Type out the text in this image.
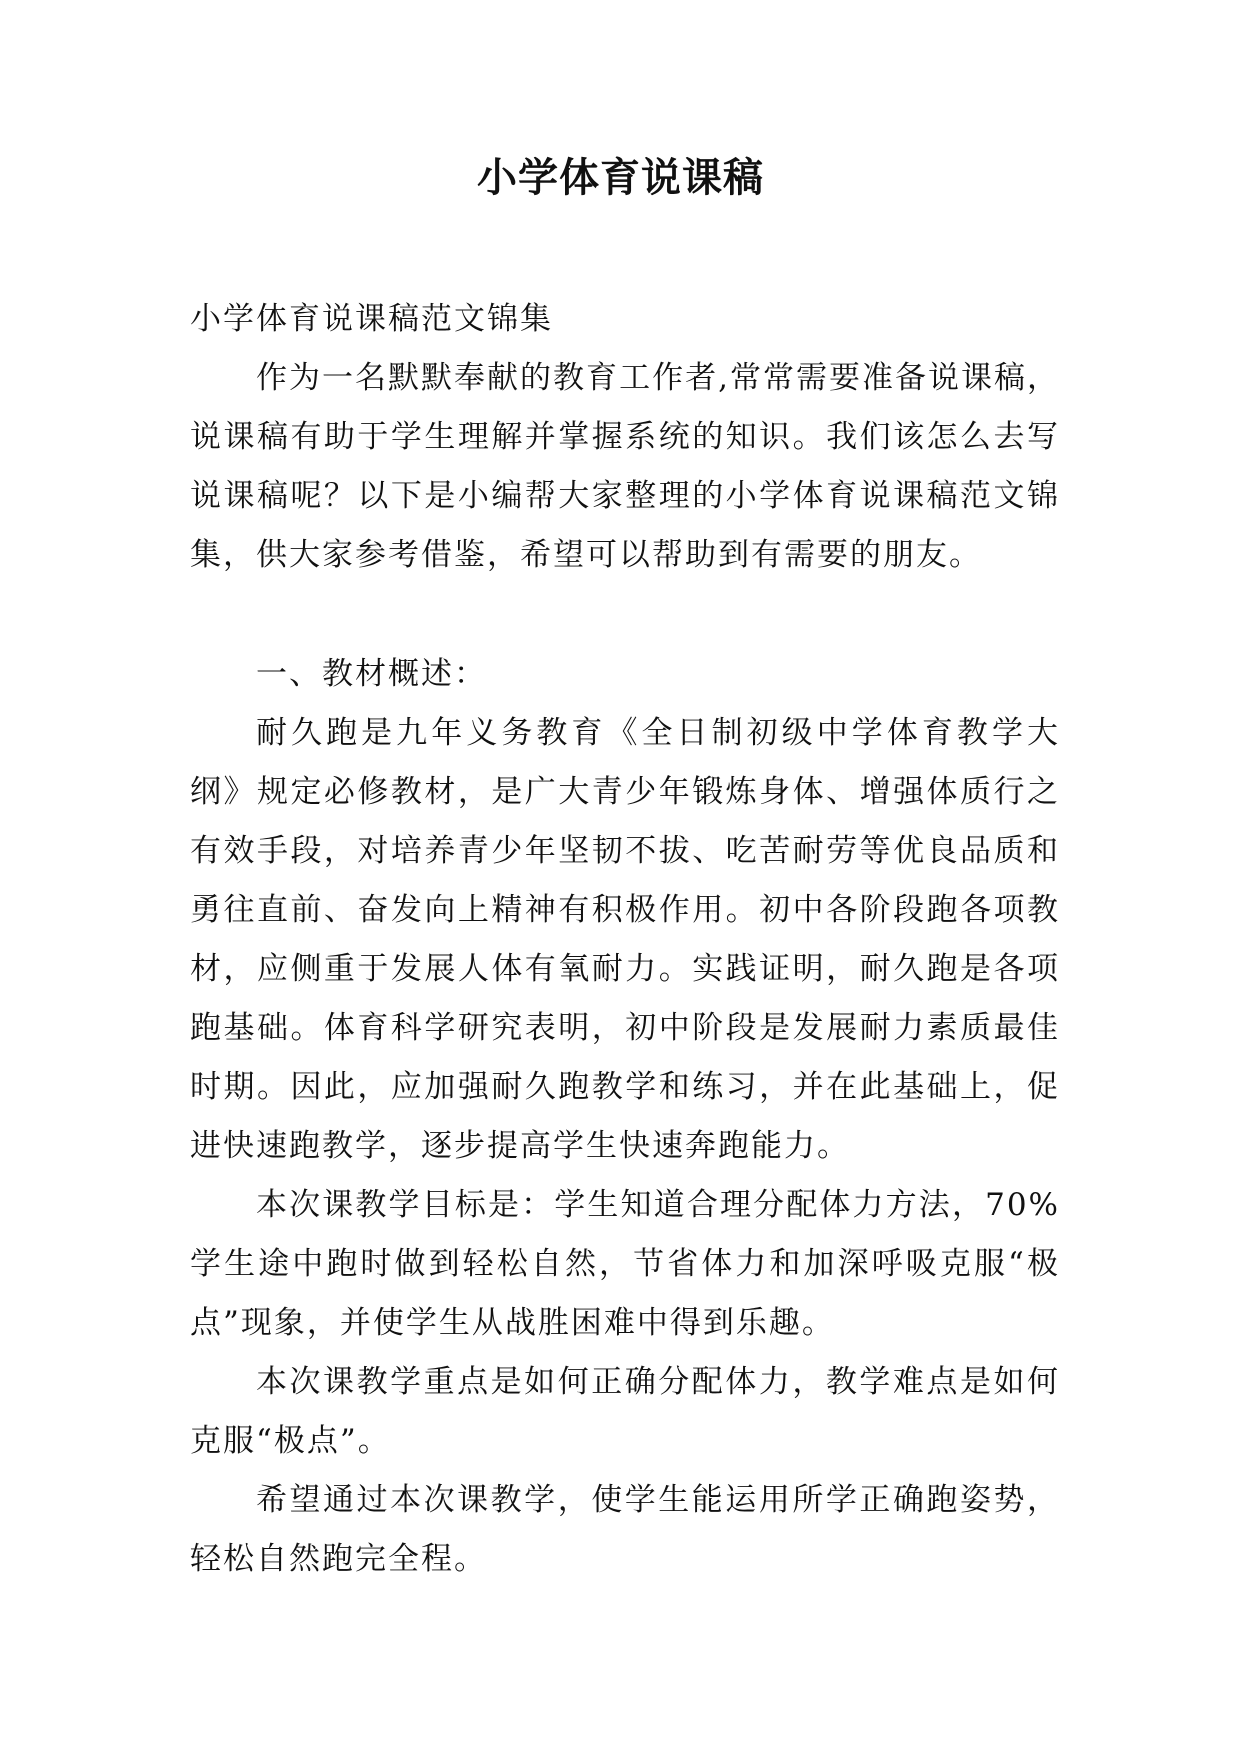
小学体育说课稿

小学体育说课稿范文锦集

作为一名默默奉献的教育工作者,常常需要准备说课稿，说课稿有助于学生理解并掌握系统的知识。我们该怎么去写说课稿呢？以下是小编帮大家整理的小学体育说课稿范文锦集，供大家参考借鉴，希望可以帮助到有需要的朋友。

一、教材概述：

耐久跑是九年义务教育《全日制初级中学体育教学大纲》规定必修教材，是广大青少年锻炼身体、增强体质行之有效手段，对培养青少年坚韧不拔、吃苦耐劳等优良品质和勇往直前、奋发向上精神有积极作用。初中各阶段跑各项教材，应侧重于发展人体有氧耐力。实践证明，耐久跑是各项跑基础。体育科学研究表明，初中阶段是发展耐力素质最佳时期。因此，应加强耐久跑教学和练习，并在此基础上，促进快速跑教学，逐步提高学生快速奔跑能力。

本次课教学目标是：学生知道合理分配体力方法，70%学生途中跑时做到轻松自然，节省体力和加深呼吸克服“极点”现象，并使学生从战胜困难中得到乐趣。

本次课教学重点是如何正确分配体力，教学难点是如何克服“极点”。

希望通过本次课教学，使学生能运用所学正确跑姿势，轻松自然跑完全程。
